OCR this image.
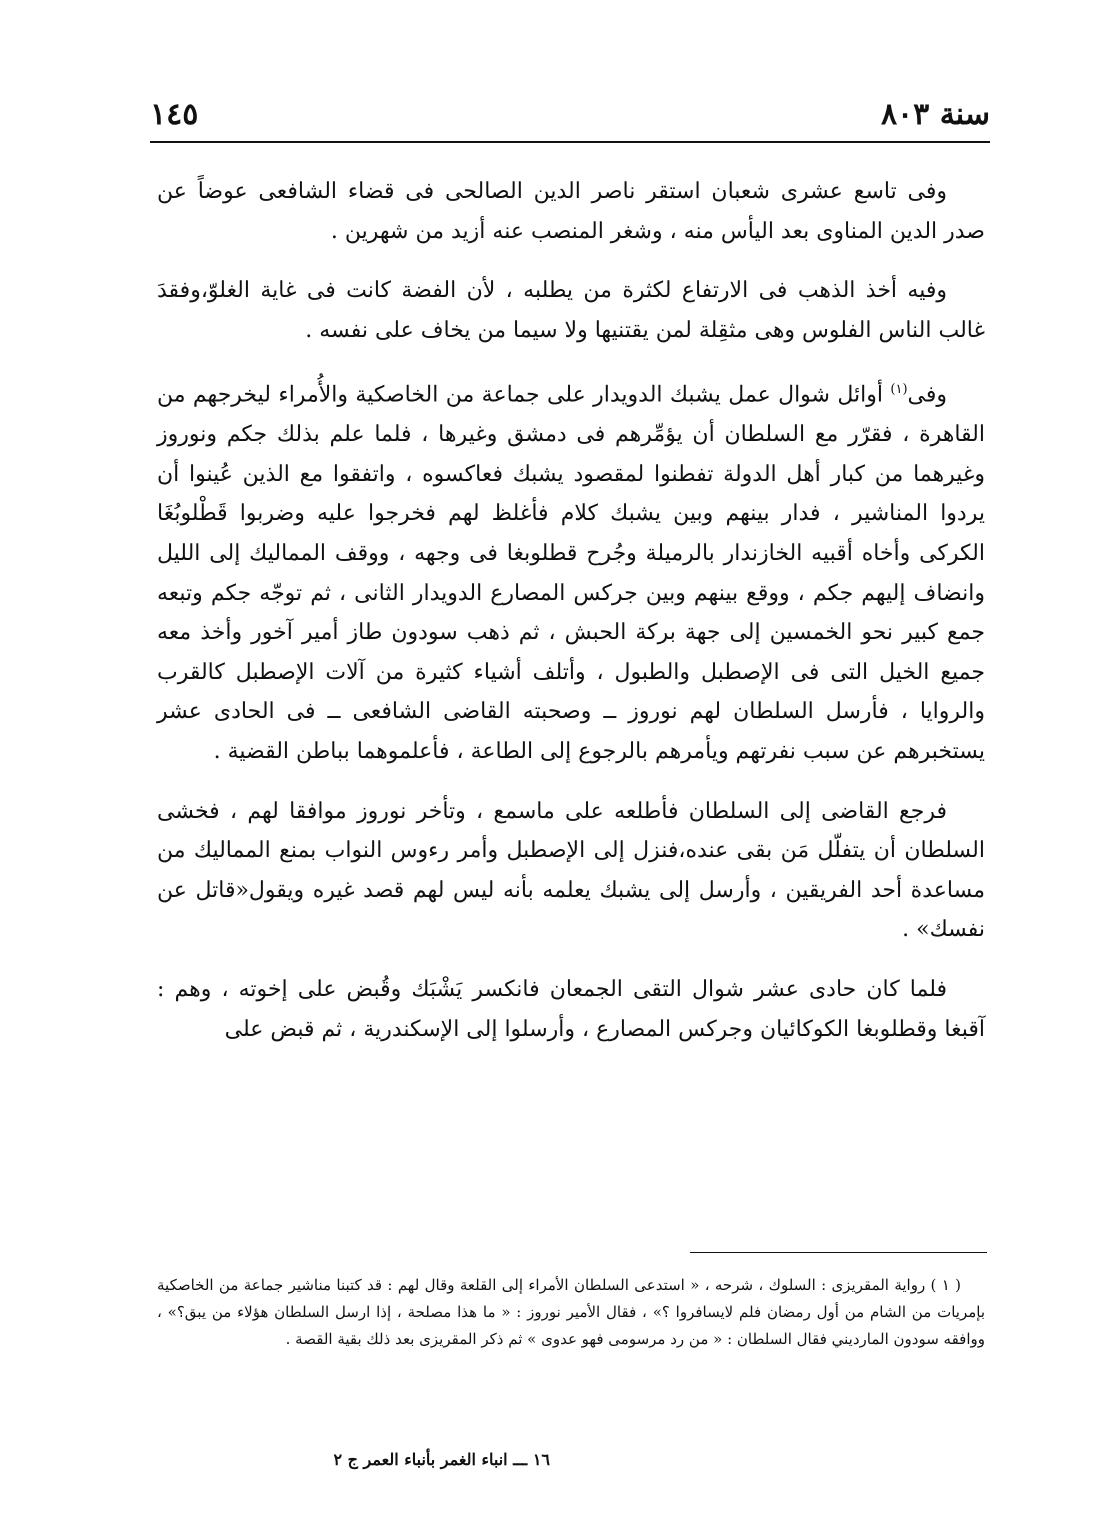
سنة ٨٠٣
١٤٥

وفى تاسع عشرى شعبان استقر ناصر الدين الصالحى فى قضاء الشافعى عوضاً عن صدر الدين المناوى بعد اليأس منه ، وشغر المنصب عنه أزيد من شهرين .

وفيه أخذ الذهب فى الارتفاع لكثرة من يطلبه ، لأن الفضة كانت فى غاية الغلوّ،وفقدَ غالب الناس الفلوس وهى مثقِلة لمن يقتنيها ولا سيما من يخاف على نفسه .

وفى$^{(١)}$ أوائل شوال عمل يشبك الدويدار على جماعة من الخاصكية والأُمراء ليخرجهم من القاهرة ، فقرّر مع السلطان أن يؤمِّرهم فى دمشق وغيرها ، فلما علم بذلك جكم ونوروز وغيرهما من كبار أهل الدولة تفطنوا لمقصود يشبك فعاكسوه ، واتفقوا مع الذين عُينوا أن يردوا المناشير ، فدار بينهم وبين يشبك كلام فأغلظ لهم فخرجوا عليه وضربوا قَطْلوبُغَا الكركى وأخاه أقبيه الخازندار بالرميلة وجُرح قطلوبغا فى وجهه ، ووقف المماليك إلى الليل وانضاف إليهم جكم ، ووقع بينهم وبين جركس المصارع الدويدار الثانى ، ثم توجّه جكم وتبعه جمع كبير نحو الخمسين إلى جهة بركة الحبش ، ثم ذهب سودون طاز أمير آخور وأخذ معه جميع الخيل التى فى الإصطبل والطبول ، وأتلف أشياء كثيرة من آلات الإصطبل كالقرب والروايا ، فأرسل السلطان لهم نوروز ــ وصحبته القاضى الشافعى ــ فى الحادى عشر يستخبرهم عن سبب نفرتهم ويأمرهم بالرجوع إلى الطاعة ، فأعلموهما بباطن القضية .

فرجع القاضى إلى السلطان فأطلعه على ماسمع ، وتأخر نوروز موافقا لهم ، فخشى السلطان أن يتفلّل مَن بقى عنده،فنزل إلى الإصطبل وأمر رءوس النواب بمنع المماليك من مساعدة أحد الفريقين ، وأرسل إلى يشبك يعلمه بأنه ليس لهم قصد غيره ويقول«قاتل عن نفسك» .

فلما كان حادى عشر شوال التقى الجمعان فانكسر يَشْبَك وقُبض على إخوته ، وهم : آقبغا وقطلوبغا الكوكائيان وجركس المصارع ، وأرسلوا إلى الإسكندرية ، ثم قبض على

( ١ ) رواية المقريزى : السلوك ، شرحه ، « استدعى السلطان الأمراء إلى القلعة وقال لهم : قد كتبنا مناشير جماعة من الخاصكية بإمريات من الشام من أول رمضان فلم لايسافروا ؟» ، فقال الأمير نوروز : « ما هذا مصلحة ، إذا ارسل السلطان هؤلاء من يبق؟» ، ووافقه سودون المارديني فقال السلطان : « من رد مرسومى فهو عدوى » ثم ذكر المقريزى بعد ذلك بقية القصة .
١٦ ـــ انباء الغمر بأنباء العمر ج ٢
